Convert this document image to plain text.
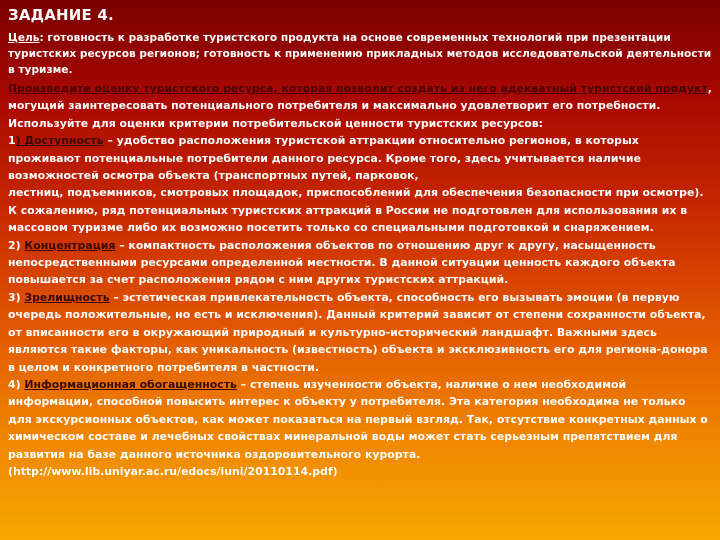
ЗАДАНИЕ 4.

Цель: готовность к разработке туристского продукта на основе современных технологий при презентации туристских ресурсов регионов; готовность к применению прикладных методов исследовательской деятельности в туризме.

Произведите оценку туристского ресурса, которая позволит создать из него адекватный туристский продукт, могущий заинтересовать потенциального потребителя и максимально удовлетворит его потребности. Используйте для оценки критерии потребительской ценности туристских ресурсов:

1) Доступность – удобство расположения туристской аттракции относительно регионов, в которых проживают потенциальные потребители данного ресурса. Кроме того, здесь учитывается наличие возможностей осмотра объекта (транспортных путей, парковок,

лестниц, подъемников, смотровых площадок, приспособлений для обеспечения безопасности при осмотре). К сожалению, ряд потенциальных туристских аттракций в России не подготовлен для использования их в массовом туризме либо их возможно посетить только со специальными подготовкой и снаряжением.

2) Концентрация – компактность расположения объектов по отношению друг к другу, насыщенность непосредственными ресурсами определенной местности. В данной ситуации ценность каждого объекта повышается за счет расположения рядом с ним других туристских аттракций.

3) Зрелищность – эстетическая привлекательность объекта, способность его вызывать эмоции (в первую очередь положительные, но есть и исключения). Данный критерий зависит от степени сохранности объекта, от вписанности его в окружающий природный и культурно-исторический ландшафт. Важными здесь являются такие факторы, как уникальность (известность) объекта и эксклюзивность его для региона-донора в целом и конкретного потребителя в частности.

4) Информационная обогащенность – степень изученности объекта, наличие о нем необходимой информации, способной повысить интерес к объекту у потребителя. Эта категория необходима не только для экскурсионных объектов, как может показаться на первый взгляд. Так, отсутствие конкретных данных о химическом составе и лечебных свойствах минеральной воды может стать серьезным препятствием для развития на базе данного источника оздоровительного курорта.

(http://www.lib.uniyar.ac.ru/edocs/iuni/20110114.pdf)
